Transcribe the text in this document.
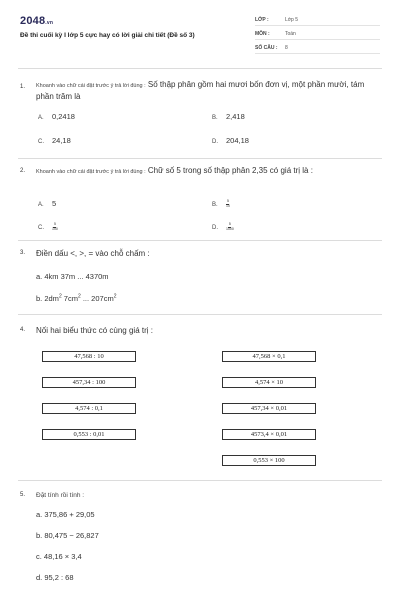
2048.vn
Đề thi cuối kỳ I lớp 5 cực hay có lời giải chi tiết (Đề số 3)
LỚP :	Lớp 5
MÔN :	Toán
SỐ CÂU : 8
1. Khoanh vào chữ cái đặt trước ý trả lời đúng : Số thập phân gồm hai mươi bốn đơn vị, một phần mười, tám phần trăm là
A. 0,2418	B. 2,418
C. 24,18	D. 204,18
2. Khoanh vào chữ cái đặt trước ý trả lời đúng : Chữ số 5 trong số thập phân 2,35 có giá trị là :
A. 5	B. $\frac{5}{10}$
C. $\frac{5}{100}$	D. $\frac{5}{1000}$
3. Điền dấu <, >, = vào chỗ chấm :
a. 4km 37m ... 4370m
b. $2dm^2$ $7cm^2$ ... $207cm^2$
4. Nối hai biểu thức có cùng giá trị :
47,568 : 10
457,34 : 100
4,574 : 0,1
0,553 : 0,01
47,568 × 0,1
4,574 × 10
457,34 × 0,01
4573,4 × 0,01
0,553 × 100
5. Đặt tính rồi tính :
a. 375,86 + 29,05
b. 80,475 − 26,827
c. 48,16 × 3,4
d. 95,2 : 68
